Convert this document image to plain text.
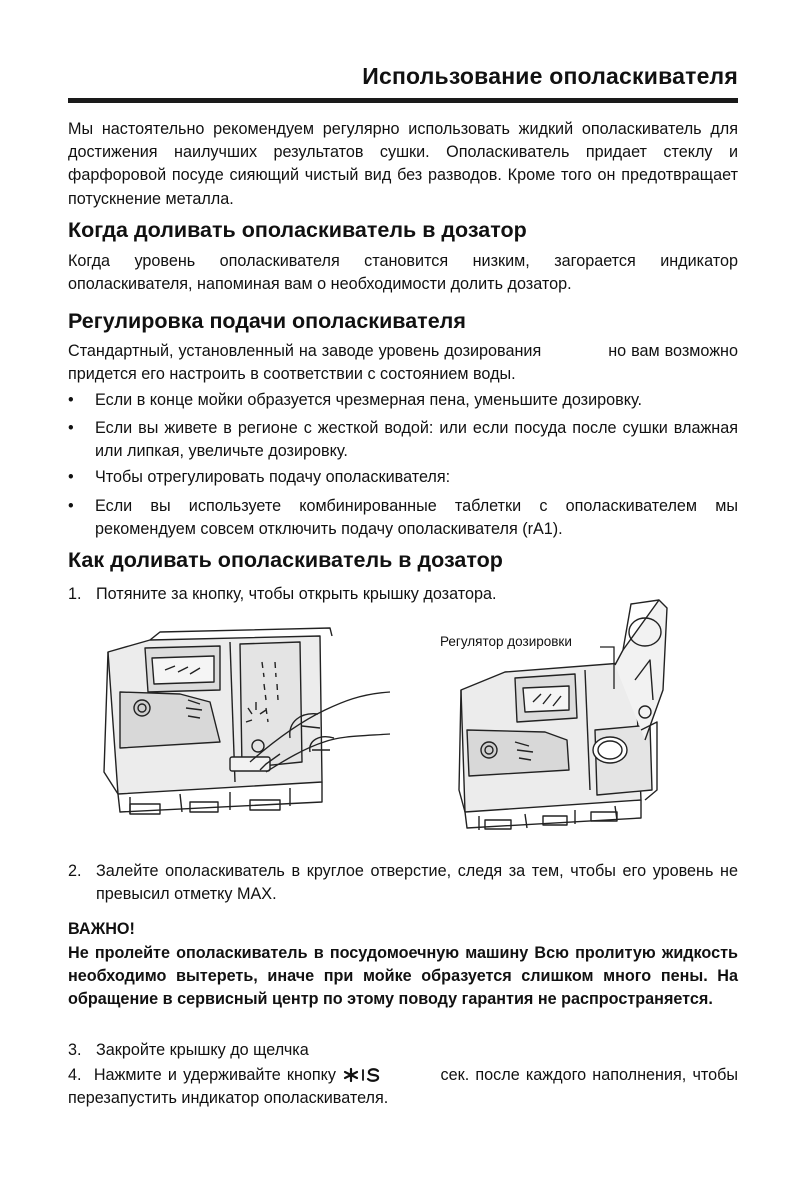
Использование ополаскивателя

Мы настоятельно рекомендуем регулярно использовать жидкий ополаскиватель для достижения наилучших результатов сушки. Ополаскиватель придает стеклу и фарфоровой посуде сияющий чистый вид без разводов. Кроме того он предотвращает потускнение металла.

Когда доливать ополаскиватель в дозатор

Когда уровень ополаскивателя становится низким, загорается индикатор ополаскивателя, напоминая вам о необходимости долить дозатор.

Регулировка подачи ополаскивателя

Стандартный, установленный на заводе уровень дозирования	но вам возможно придется его настроить в соответствии с состоянием воды.

• Если в конце мойки образуется чрезмерная пена, уменьшите дозировку.
• Если вы живете в регионе с жесткой водой: или если посуда после сушки влажная или липкая, увеличьте дозировку.
• Чтобы отрегулировать подачу ополаскивателя:
• Если вы используете комбинированные таблетки с ополаскивателем мы рекомендуем совсем отключить подачу ополаскивателя (rA1).
Как доливать ополаскиватель в дозатор
1. Потяните за кнопку, чтобы открыть крышку дозатора.
Регулятор дозировки
2. Залейте ополаскиватель в круглое отверстие, следя за тем, чтобы его уровень не превысил отметку MAX.
ВАЖНО!

Не пролейте ополаскиватель в посудомоечную машину Всю пролитую жидкость необходимо вытереть, иначе при мойке образуется слишком много пены. На обращение в сервисный центр по этому поводу гарантия не распространяется.

3. Закройте крышку до щелчка

4. Нажмите и удерживайте кнопку	сек. после каждого наполнения, чтобы перезапустить индикатор ополаскивателя.
